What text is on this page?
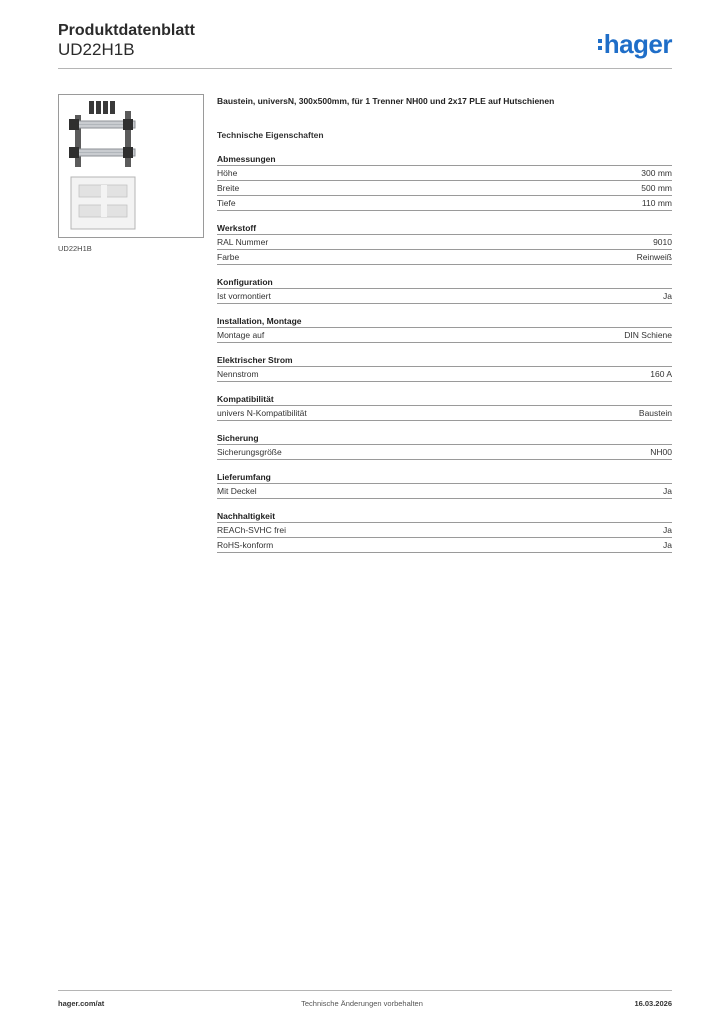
Produktdatenblatt
UD22H1B	hager
UD22H1B
Baustein, universN, 300x500mm, für 1 Trenner NH00 und 2x17 PLE auf Hutschienen
Technische Eigenschaften
Abmessungen
Höhe	300 mm
Breite	500 mm
Tiefe	110 mm
Werkstoff
RAL Nummer	9010
Farbe	Reinweiß
Konfiguration
Ist vormontiert	Ja
Installation, Montage
Montage auf	DIN Schiene
Elektrischer Strom
Nennstrom	160 A
Kompatibilität
univers N-Kompatibilität	Baustein
Sicherung
Sicherungsgröße	NH00
Lieferumfang
Mit Deckel	Ja
Nachhaltigkeit
REACh-SVHC frei	Ja
RoHS-konform	Ja
hager.com/at	Technische Änderungen vorbehalten	16.03.2026
